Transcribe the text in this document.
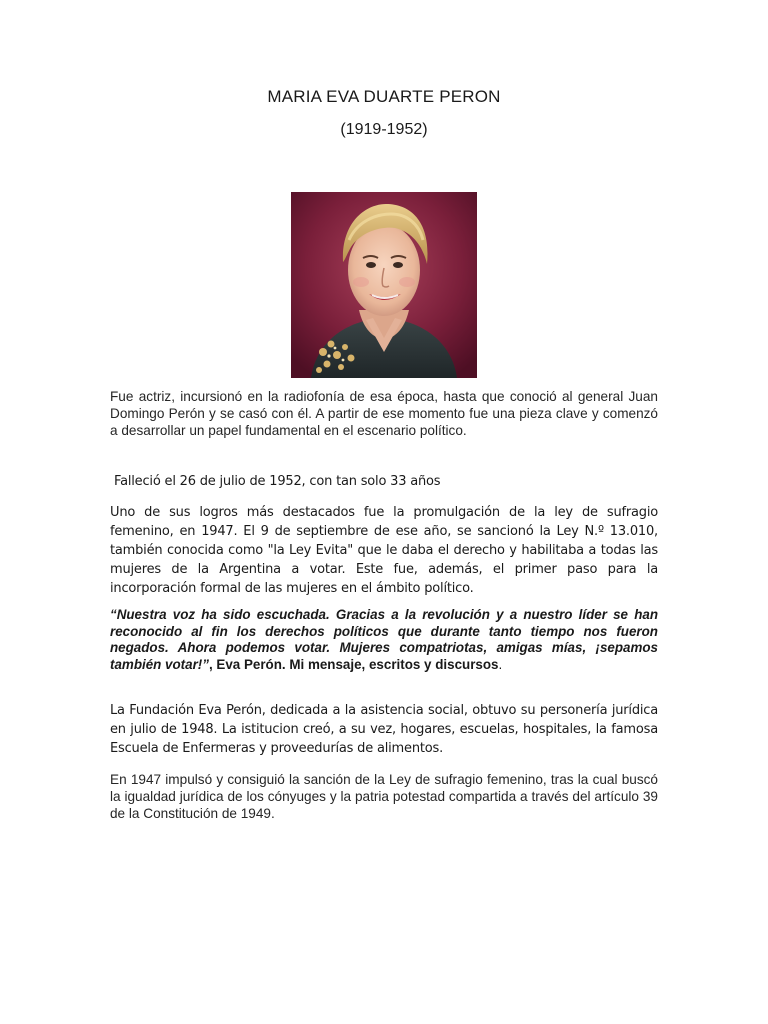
MARIA EVA DUARTE PERON
(1919-1952)

Fue actriz, incursionó en la radiofonía de esa época, hasta que conoció al general Juan Domingo Perón y se casó con él. A partir de ese momento fue una pieza clave y comenzó a desarrollar un papel fundamental en el escenario político.

Falleció el 26 de julio de 1952, con tan solo 33 años

Uno de sus logros más destacados fue la promulgación de la ley de sufragio femenino, en 1947. El 9 de septiembre de ese año, se sancionó la Ley N.º 13.010, también conocida como "la Ley Evita" que le daba el derecho y habilitaba a todas las mujeres de la Argentina a votar. Este fue, además, el primer paso para la incorporación formal de las mujeres en el ámbito político.

“Nuestra voz ha sido escuchada. Gracias a la revolución y a nuestro líder se han reconocido al fin los derechos políticos que durante tanto tiempo nos fueron negados. Ahora podemos votar. Mujeres compatriotas, amigas mías, ¡sepamos también votar!”, Eva Perón. Mi mensaje, escritos y discursos.

La Fundación Eva Perón, dedicada a la asistencia social, obtuvo su personería jurídica en julio de 1948. La istitucion creó, a su vez, hogares, escuelas, hospitales, la famosa Escuela de Enfermeras y proveedurías de alimentos.

En 1947 impulsó y consiguió la sanción de la Ley de sufragio femenino, tras la cual buscó la igualdad jurídica de los cónyuges y la patria potestad compartida a través del artículo 39 de la Constitución de 1949.
